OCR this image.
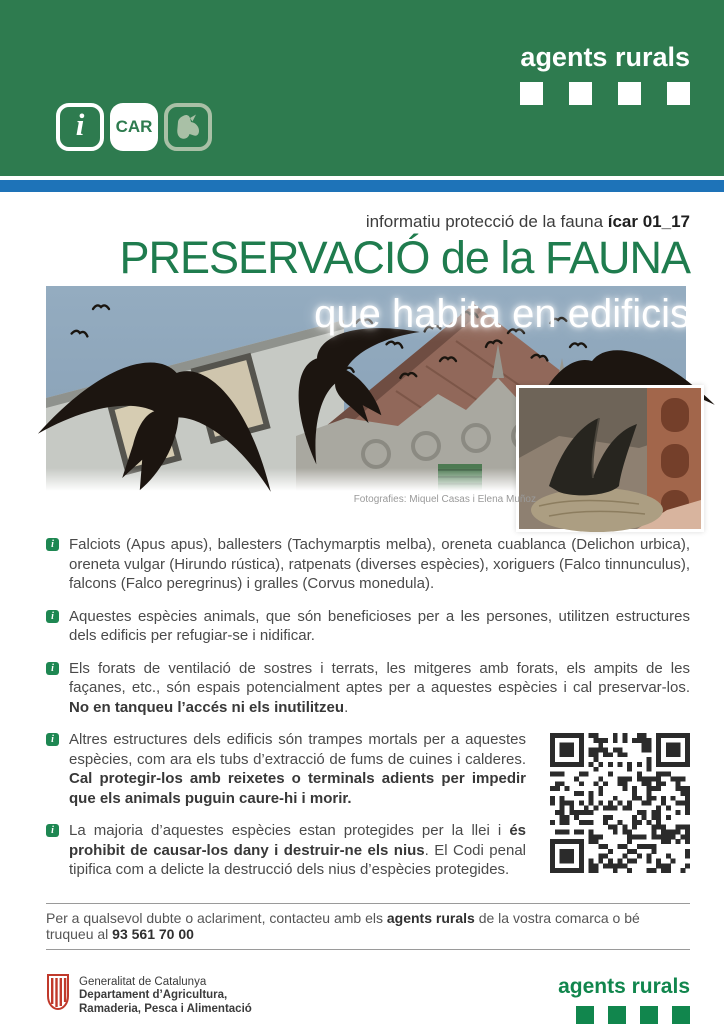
agents rurals
i	CAR
informatiu protecció de la fauna ícar 01_17
PRESERVACIÓ de la FAUNA
que habita en edificis
Fotografies: Miquel Casas i Elena Muñoz
i	Falciots (Apus apus), ballesters (Tachymarptis melba), oreneta cuablanca (Delichon urbica), oreneta vulgar (Hirundo rústica), ratpenats (diverses espècies), xoriguers (Falco tinnunculus), falcons (Falco peregrinus) i gralles (Corvus monedula).

i	Aquestes espècies animals, que són beneficioses per a les persones, utilitzen estructures dels edificis per refugiar-se i nidificar.

i	Els forats de ventilació de sostres i terrats, les mitgeres amb forats, els ampits de les façanes, etc., són espais potencialment aptes per a aquestes espècies i cal preservar-los. No en tanqueu l’accés ni els inutilitzeu.

i	Altres estructures dels edificis són trampes mortals per a aquestes espècies, com ara els tubs d’extracció de fums de cuines i calderes. Cal protegir-los amb reixetes o terminals adients per impedir que els animals puguin caure-hi i morir.

i	La majoria d’aquestes espècies estan protegides per la llei i és prohibit de causar-los dany i destruir-ne els nius. El Codi penal tipifica com a delicte la destrucció dels nius d’espècies protegides.

Per a qualsevol dubte o aclariment, contacteu amb els agents rurals de la vostra comarca o bé truqueu al 93 561 70 00
Generalitat de Catalunya
Departament d’Agricultura,
Ramaderia, Pesca i Alimentació
agents rurals
